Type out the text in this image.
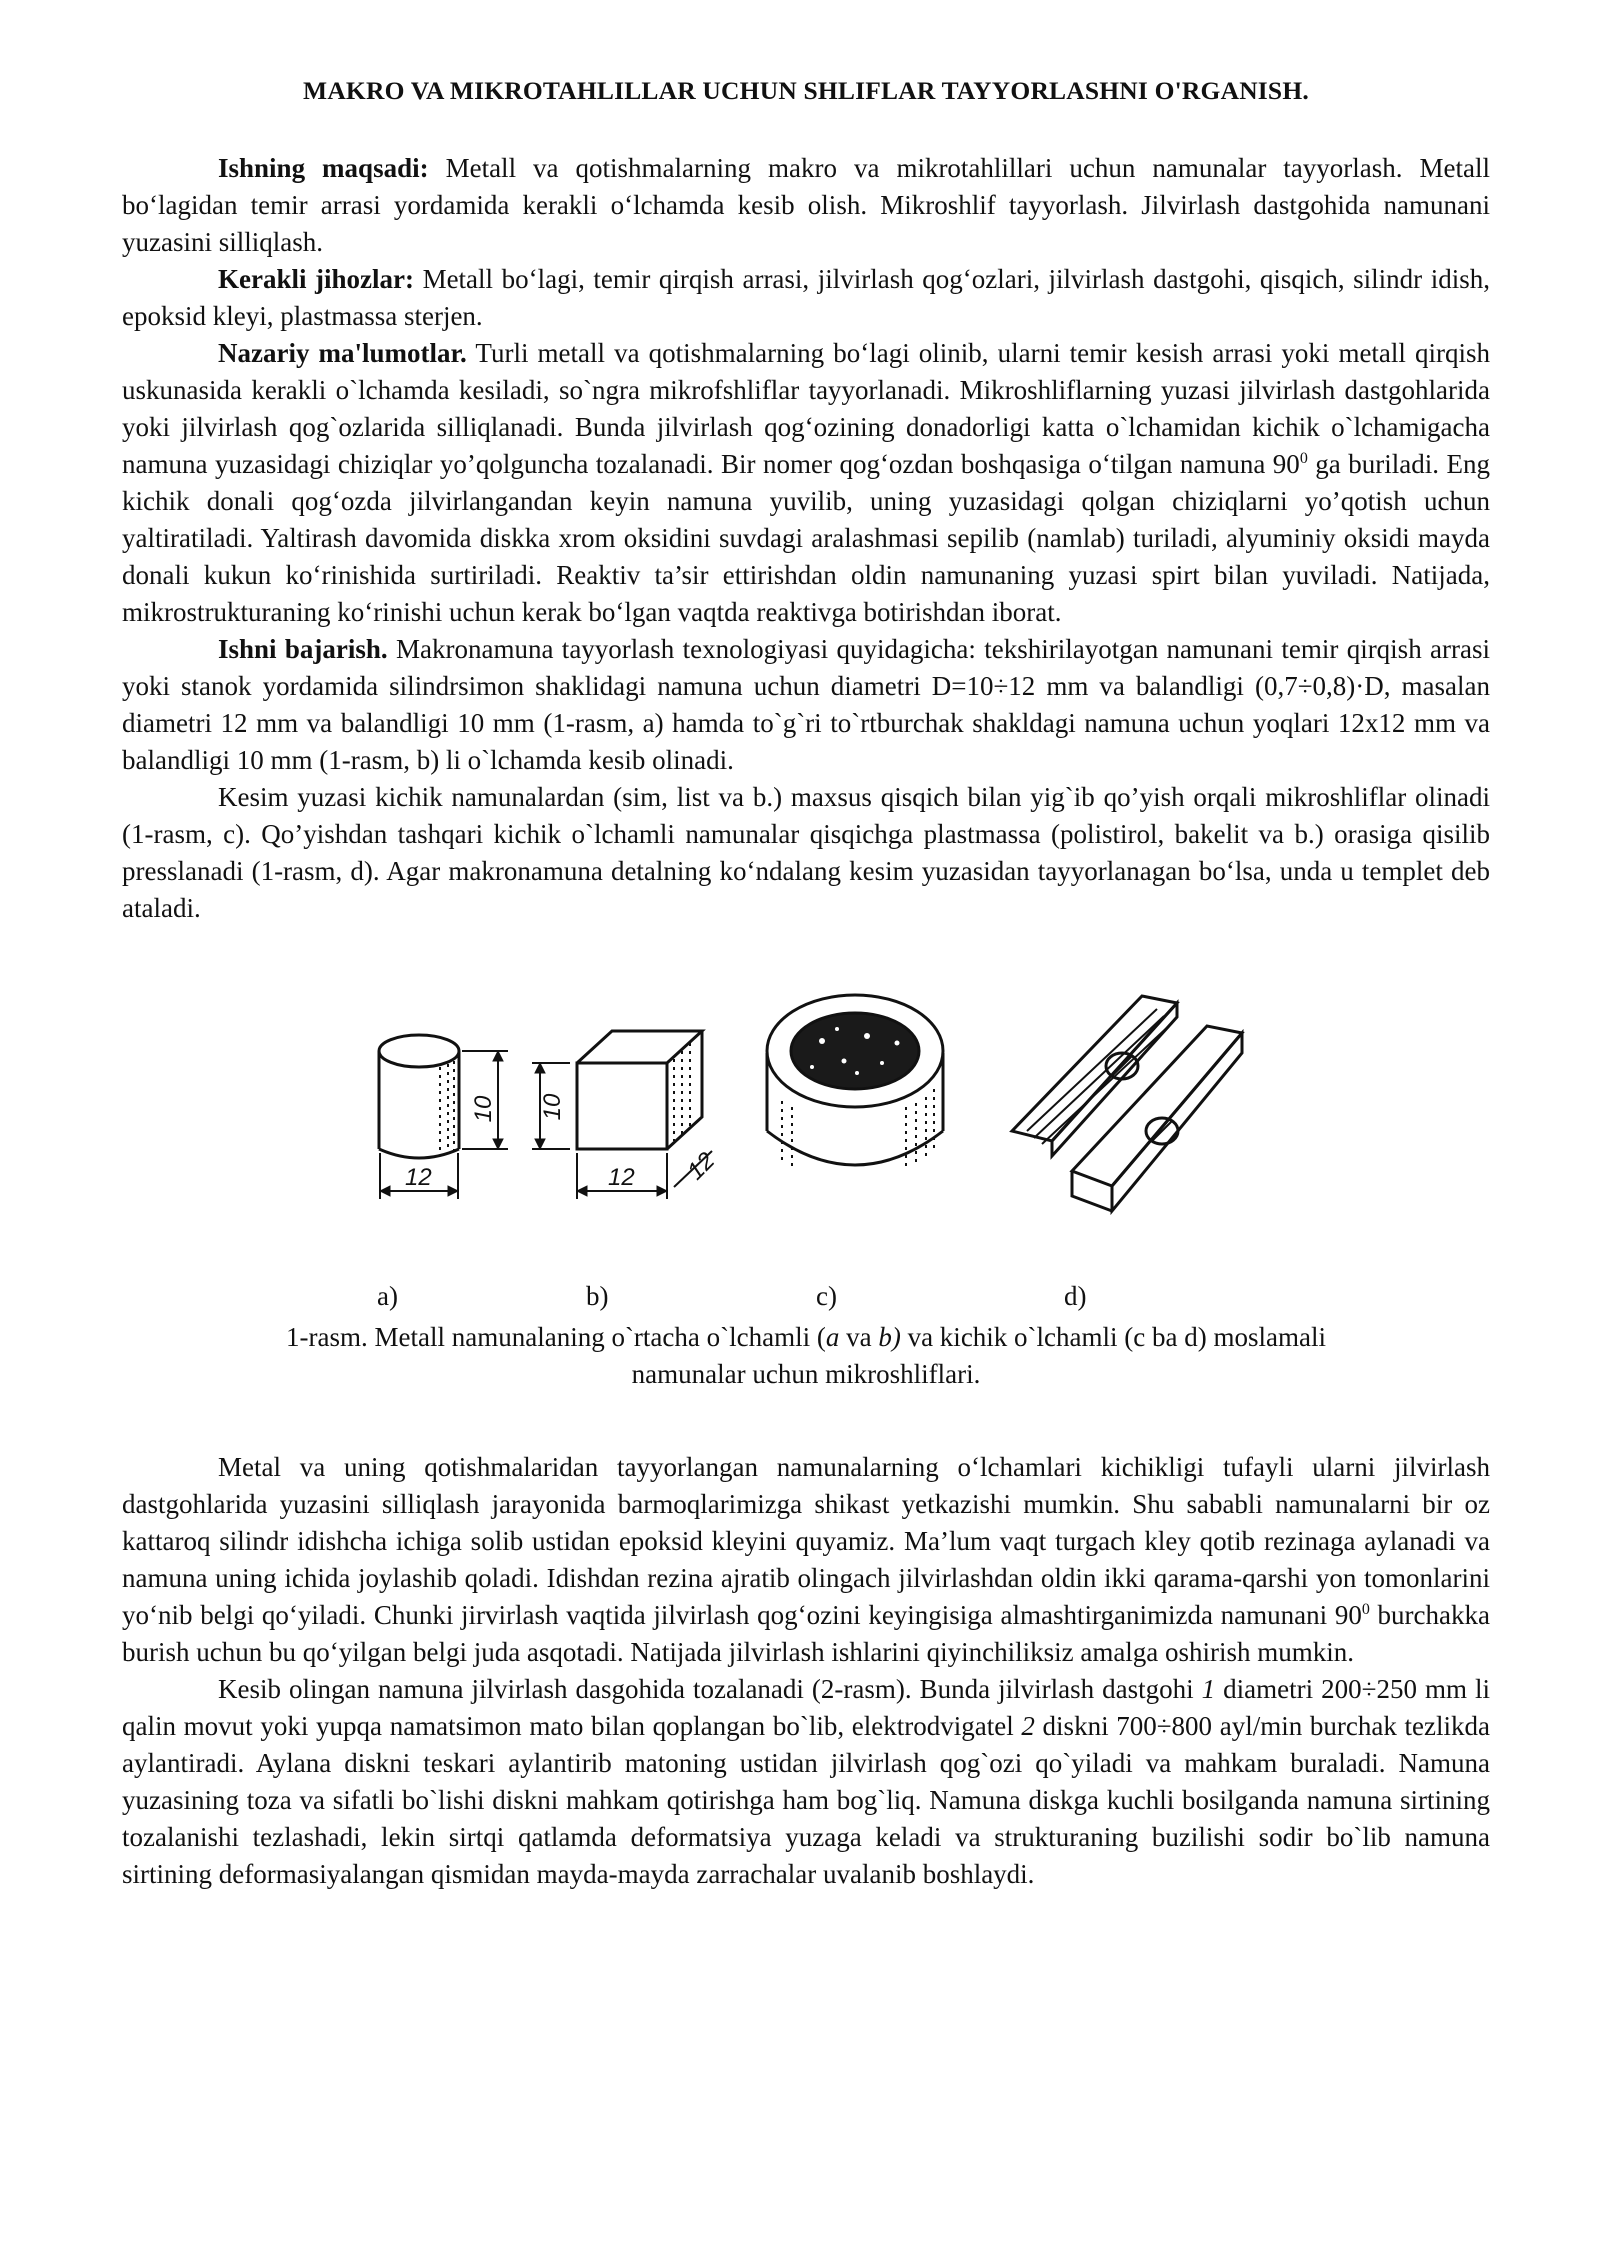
MAKRO VA MIKROTAHLILLAR UCHUN SHLIFLAR TAYYORLASHNI O'RGANISH.

Ishning maqsadi: Metall va qotishmalarning makro va mikrotahlillari uchun namunalar tayyorlash. Metall bo‘lagidan temir arrasi yordamida kerakli o‘lchamda kesib olish. Mikroshlif tayyorlash. Jilvirlash dastgohida namunani yuzasini silliqlash.

Kerakli jihozlar: Metall bo‘lagi, temir qirqish arrasi, jilvirlash qog‘ozlari, jilvirlash dastgohi, qisqich, silindr idish, epoksid kleyi, plastmassa sterjen.

Nazariy ma'lumotlar. Turli metall va qotishmalarning bo‘lagi olinib, ularni temir kesish arrasi yoki metall qirqish uskunasida kerakli o`lchamda kesiladi, so`ngra mikrofshliflar tayyorlanadi. Mikroshliflarning yuzasi jilvirlash dastgohlarida yoki jilvirlash qog`ozlarida silliqlanadi. Bunda jilvirlash qog‘ozining donadorligi katta o`lchamidan kichik o`lchamigacha namuna yuzasidagi chiziqlar yo’qolguncha tozalanadi. Bir nomer qog‘ozdan boshqasiga o‘tilgan namuna $90^0$ ga buriladi. Eng kichik donali qog‘ozda jilvirlangandan keyin namuna yuvilib, uning yuzasidagi qolgan chiziqlarni yo’qotish uchun yaltiratiladi. Yaltirash davomida diskka xrom oksidini suvdagi aralashmasi sepilib (namlab) turiladi, alyuminiy oksidi mayda donali kukun ko‘rinishida surtiriladi. Reaktiv ta’sir ettirishdan oldin namunaning yuzasi spirt bilan yuviladi. Natijada, mikrostrukturaning ko‘rinishi uchun kerak bo‘lgan vaqtda reaktivga botirishdan iborat.

Ishni bajarish. Makronamuna tayyorlash texnologiyasi quyidagicha: tekshirilayotgan namunani temir qirqish arrasi yoki stanok yordamida silindrsimon shaklidagi namuna uchun diametri D=10÷12 mm va balandligi (0,7÷0,8)·D, masalan diametri 12 mm va balandligi 10 mm (1-rasm, a) hamda to`g`ri to`rtburchak shakldagi namuna uchun yoqlari 12x12 mm va balandligi 10 mm (1-rasm, b) li o`lchamda kesib olinadi.

Kesim yuzasi kichik namunalardan (sim, list va b.) maxsus qisqich bilan yig`ib qo’yish orqali mikroshliflar olinadi (1-rasm, c). Qo’yishdan tashqari kichik o`lchamli namunalar qisqichga plastmassa (polistirol, bakelit va b.) orasiga qisilib presslanadi (1-rasm, d). Agar makronamuna detalning ko‘ndalang kesim yuzasidan tayyorlanagan bo‘lsa, unda u templet deb ataladi.

12
10
12
10
12
a)	b)	c)	d)
1-rasm. Metall namunalaning o`rtacha o`lchamli (a va b) va kichik o`lchamli (c ba d) moslamali
namunalar uchun mikroshliflari.

Metal va uning qotishmalaridan tayyorlangan namunalarning o‘lchamlari kichikligi tufayli ularni jilvirlash dastgohlarida yuzasini silliqlash jarayonida barmoqlarimizga shikast yetkazishi mumkin. Shu sababli namunalarni bir oz kattaroq silindr idishcha ichiga solib ustidan epoksid kleyini quyamiz. Ma’lum vaqt turgach kley qotib rezinaga aylanadi va namuna uning ichida joylashib qoladi. Idishdan rezina ajratib olingach jilvirlashdan oldin ikki qarama-qarshi yon tomonlarini yo‘nib belgi qo‘yiladi. Chunki jirvirlash vaqtida jilvirlash qog‘ozini keyingisiga almashtirganimizda namunani $90^0$ burchakka burish uchun bu qo‘yilgan belgi juda asqotadi. Natijada jilvirlash ishlarini qiyinchiliksiz amalga oshirish mumkin.

Kesib olingan namuna jilvirlash dasgohida tozalanadi (2-rasm). Bunda jilvirlash dastgohi 1 diametri 200÷250 mm li qalin movut yoki yupqa namatsimon mato bilan qoplangan bo`lib, elektrodvigatel 2 diskni 700÷800 ayl/min burchak tezlikda aylantiradi. Aylana diskni teskari aylantirib matoning ustidan jilvirlash qog`ozi qo`yiladi va mahkam buraladi. Namuna yuzasining toza va sifatli bo`lishi diskni mahkam qotirishga ham bog`liq. Namuna diskga kuchli bosilganda namuna sirtining tozalanishi tezlashadi, lekin sirtqi qatlamda deformatsiya yuzaga keladi va strukturaning buzilishi sodir bo`lib namuna sirtining deformasiyalangan qismidan mayda-mayda zarrachalar uvalanib boshlaydi.
